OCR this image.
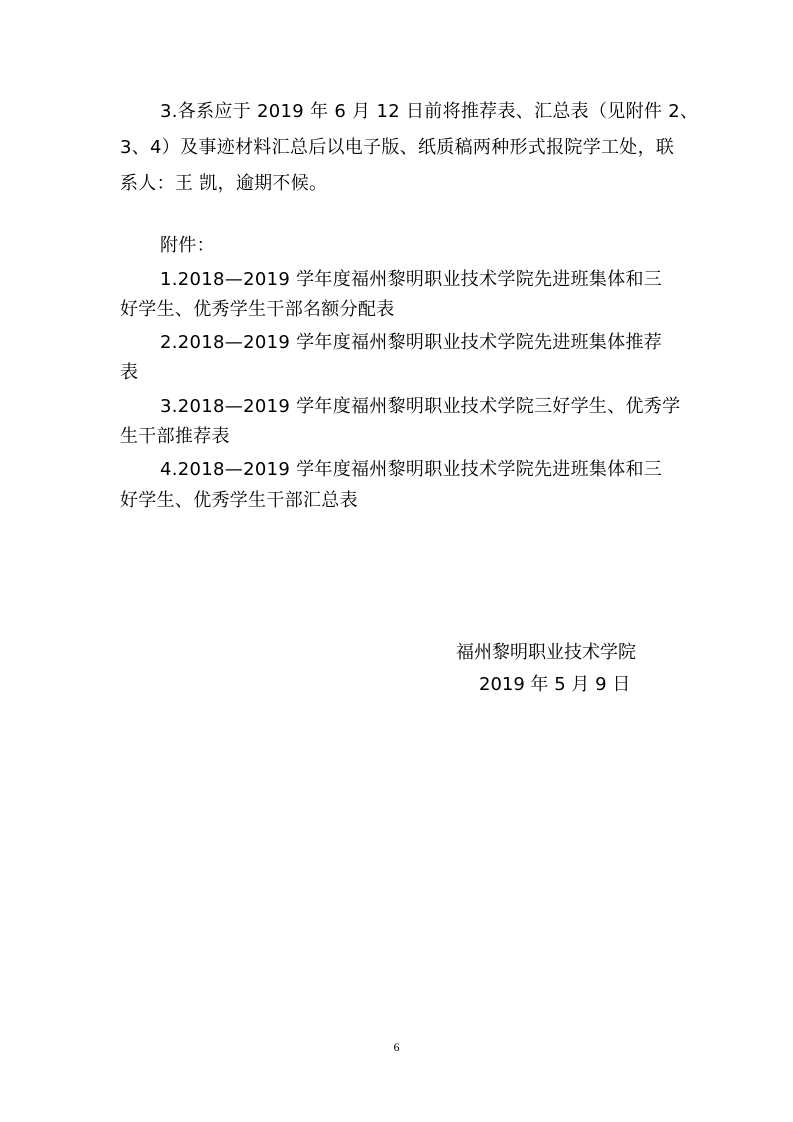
3.各系应于 2019 年 6 月 12 日前将推荐表、汇总表（见附件 2、
3、4）及事迹材料汇总后以电子版、纸质稿两种形式报院学工处，联
系人：王 凯，逾期不候。
附件：
1.2018—2019 学年度福州黎明职业技术学院先进班集体和三
好学生、优秀学生干部名额分配表
2.2018—2019 学年度福州黎明职业技术学院先进班集体推荐
表
3.2018—2019 学年度福州黎明职业技术学院三好学生、优秀学
生干部推荐表
4.2018—2019 学年度福州黎明职业技术学院先进班集体和三
好学生、优秀学生干部汇总表
福州黎明职业技术学院
2019 年 5 月 9 日
6
